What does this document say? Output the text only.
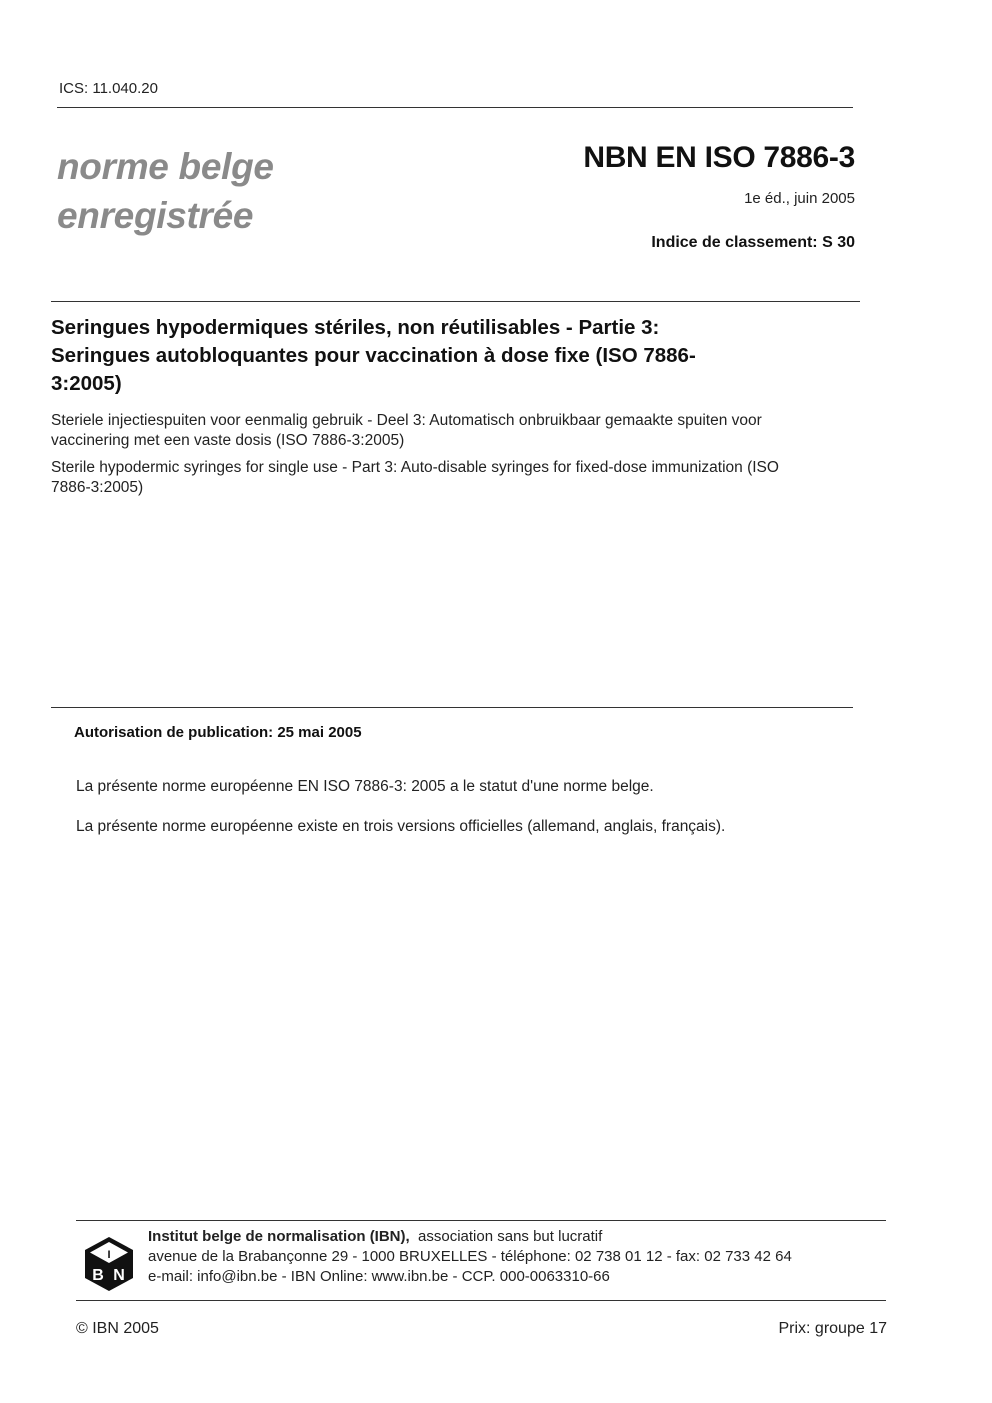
ICS: 11.040.20
norme belge
enregistrée
NBN EN ISO 7886-3
1e éd., juin 2005
Indice de classement: S 30
Seringues hypodermiques stériles, non réutilisables - Partie 3:
Seringues autobloquantes pour vaccination à dose fixe (ISO 7886-
3:2005)
Steriele injectiespuiten voor eenmalig gebruik - Deel 3: Automatisch onbruikbaar gemaakte spuiten voor
vaccinering met een vaste dosis (ISO 7886-3:2005)
Sterile hypodermic syringes for single use - Part 3: Auto-disable syringes for fixed-dose immunization (ISO
7886-3:2005)
Autorisation de publication: 25 mai 2005
La présente norme européenne EN ISO 7886-3: 2005 a le statut d'une norme belge.
La présente norme européenne existe en trois versions officielles (allemand, anglais, français).
I
B N
Institut belge de normalisation (IBN),  association sans but lucratif
avenue de la Brabançonne 29 - 1000 BRUXELLES - téléphone: 02 738 01 12 - fax: 02 733 42 64
e-mail: info@ibn.be - IBN Online: www.ibn.be - CCP. 000-0063310-66
© IBN 2005	Prix: groupe 17
